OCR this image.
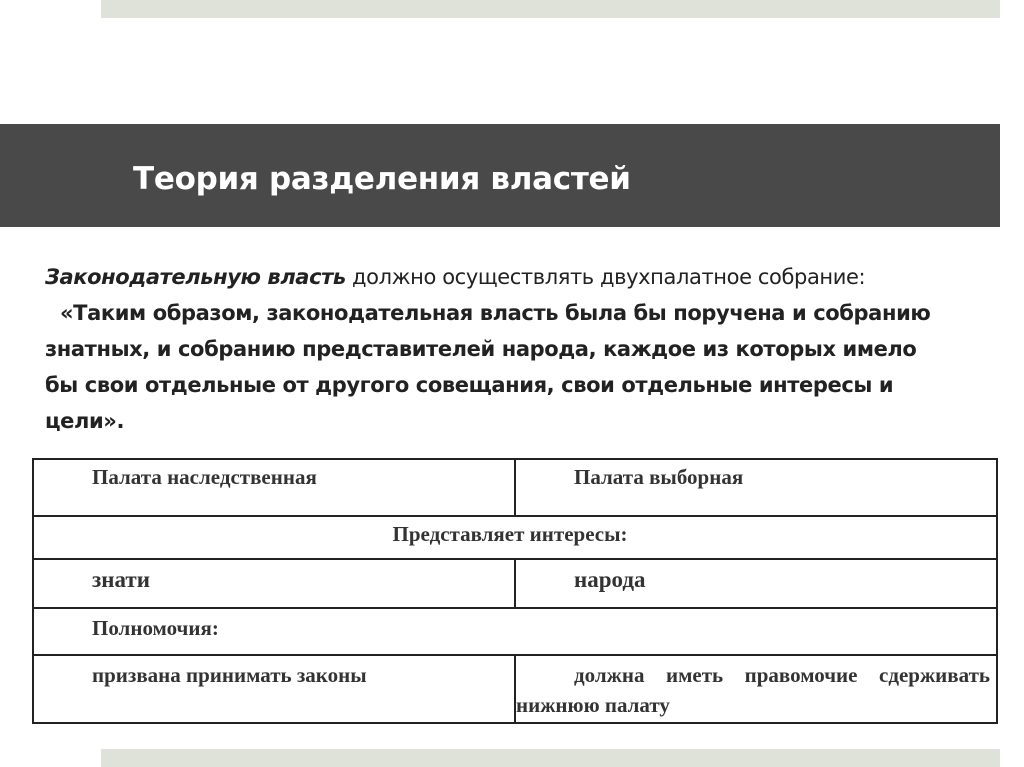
Теория разделения властей
Законодательную власть должно осуществлять двухпалатное собрание:
«Таким образом, законодательная власть была бы поручена и собранию
знатных, и собранию представителей народа, каждое из которых имело
бы свои отдельные от другого совещания, свои отдельные интересы и
цели».
Палата наследственная	Палата выборная

Представляет интересы:	

знати	народа

Полномочия:	

призвана принимать законы	должна иметь правомочие сдерживать нижнюю палату
